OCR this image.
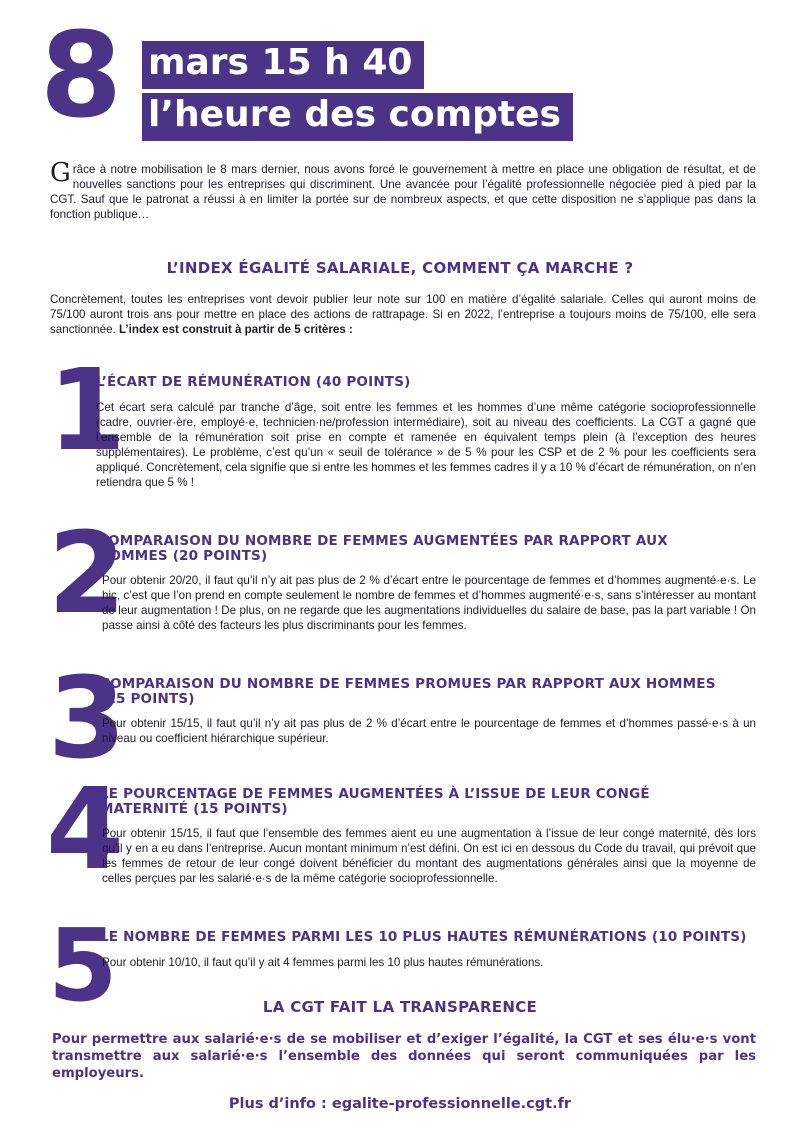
8 mars 15 h 40
l’heure des comptes
Grâce à notre mobilisation le 8 mars dernier, nous avons forcé le gouvernement à mettre en place une obligation de résultat, et de nouvelles sanctions pour les entreprises qui discriminent. Une avancée pour l’égalité professionnelle négociée pied à pied par la CGT. Sauf que le patronat a réussi à en limiter la portée sur de nombreux aspects, et que cette disposition ne s’applique pas dans la fonction publique…
L’INDEX ÉGALITÉ SALARIALE, COMMENT ÇA MARCHE ?
Concrètement, toutes les entreprises vont devoir publier leur note sur 100 en matière d’égalité salariale. Celles qui auront moins de 75/100 auront trois ans pour mettre en place des actions de rattrapage. Si en 2022, l’entreprise a toujours moins de 75/100, elle sera sanctionnée. L’index est construit à partir de 5 critères :
1
L’ÉCART DE RÉMUNÉRATION (40 POINTS)
Cet écart sera calculé par tranche d’âge, soit entre les femmes et les hommes d’une même catégorie socioprofessionnelle (cadre, ouvrier·ère, employé·e, technicien·ne/profession intermédiaire), soit au niveau des coefficients. La CGT a gagné que l’ensemble de la rémunération soit prise en compte et ramenée en équivalent temps plein (à l’exception des heures supplémentaires). Le problème, c’est qu’un « seuil de tolérance » de 5 % pour les CSP et de 2 % pour les coefficients sera appliqué. Concrètement, cela signifie que si entre les hommes et les femmes cadres il y a 10 % d’écart de rémunération, on n’en retiendra que 5 % !
2
COMPARAISON DU NOMBRE DE FEMMES AUGMENTÉES PAR RAPPORT AUX HOMMES (20 POINTS)
Pour obtenir 20/20, il faut qu’il n’y ait pas plus de 2 % d’écart entre le pourcentage de femmes et d’hommes augmenté·e·s. Le hic, c’est que l’on prend en compte seulement le nombre de femmes et d’hommes augmenté·e·s, sans s’intéresser au montant de leur augmentation ! De plus, on ne regarde que les augmentations individuelles du salaire de base, pas la part variable ! On passe ainsi à côté des facteurs les plus discriminants pour les femmes.
3
COMPARAISON DU NOMBRE DE FEMMES PROMUES PAR RAPPORT AUX HOMMES (15 POINTS)
Pour obtenir 15/15, il faut qu’il n’y ait pas plus de 2 % d’écart entre le pourcentage de femmes et d’hommes passé·e·s à un niveau ou coefficient hiérarchique supérieur.
4
LE POURCENTAGE DE FEMMES AUGMENTÉES À L’ISSUE DE LEUR CONGÉ MATERNITÉ (15 POINTS)
Pour obtenir 15/15, il faut que l’ensemble des femmes aient eu une augmentation à l’issue de leur congé maternité, dès lors qu’il y en a eu dans l’entreprise. Aucun montant minimum n’est défini. On est ici en dessous du Code du travail, qui prévoit que les femmes de retour de leur congé doivent bénéficier du montant des augmentations générales ainsi que la moyenne de celles perçues par les salarié·e·s de la même catégorie socioprofessionnelle.
5
LE NOMBRE DE FEMMES PARMI LES 10 PLUS HAUTES RÉMUNÉRATIONS (10 POINTS)
Pour obtenir 10/10, il faut qu’il y ait 4 femmes parmi les 10 plus hautes rémunérations.
LA CGT FAIT LA TRANSPARENCE
Pour permettre aux salarié·e·s de se mobiliser et d’exiger l’égalité, la CGT et ses élu·e·s vont transmettre aux salarié·e·s l’ensemble des données qui seront communiquées par les employeurs.
Plus d’info : egalite-professionnelle.cgt.fr
